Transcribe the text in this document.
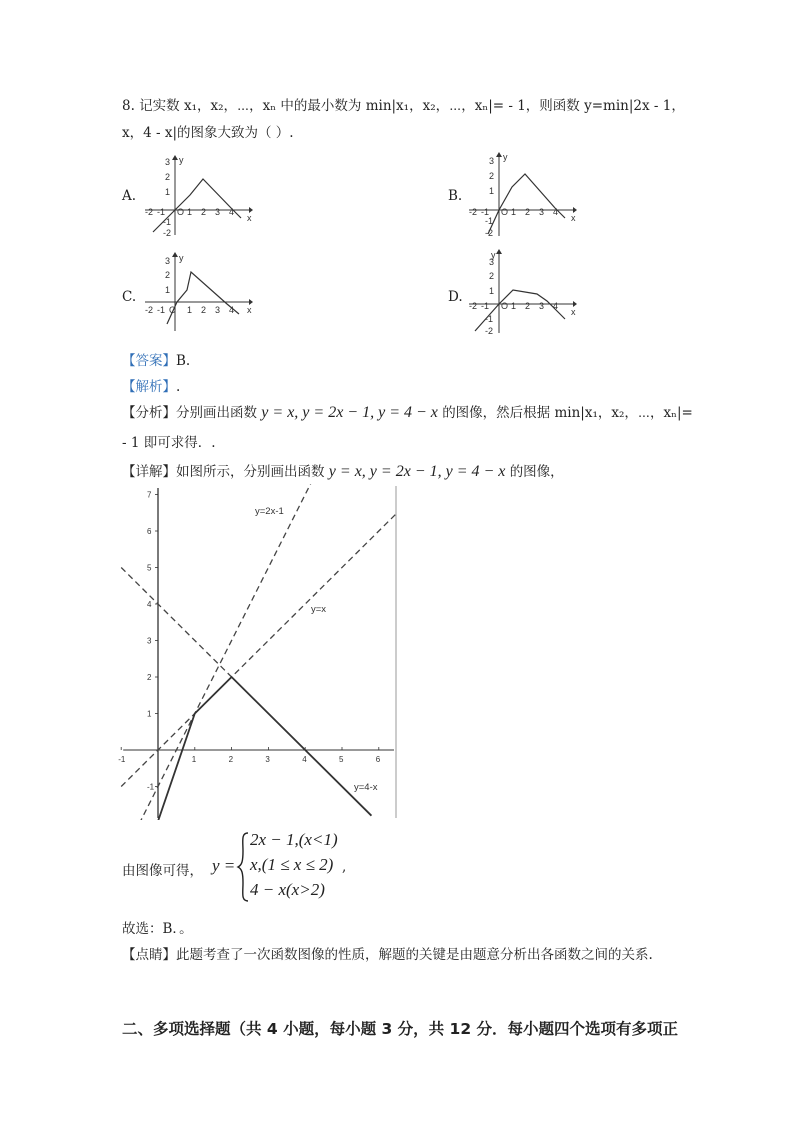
8. 记实数 x₁，x₂，⋯，xₙ 中的最小数为 min|x₁，x₂，⋯，xₙ|= - 1，则函数 y=min|2x - 1，
x，4 - x|的图象大致为（ ）.
A.
y
x
3
2
1
-1
-2
-2 -1 O 1 2 3 4
B.
y
x
3
2
1
-1
-2
-2 -1 O 1 2 3 4
C.
y
x
3
2
1
-2 -1 O 1 2 3 4
D.
y
x
3
2
1
-1
-2
-2 -1 O 1 2 3 4
【答案】B.
【解析】.
【分析】分别画出函数 y = x, y = 2x − 1, y = 4 − x 的图像，然后根据 min|x₁，x₂，⋯，xₙ|=
- 1 即可求得．.
【详解】如图所示，分别画出函数 y = x, y = 2x − 1, y = 4 − x 的图像，
-1	1	2	3	4	5	6
7
6
5
4
3
2
1
-1
y=2x-1
y=x
y=4-x
由图像可得， y =
2x − 1,(x<1)
x,(1 ≤ x ≤ 2)
4 − x(x>2)
,
故选：B．。
【点睛】此题考查了一次函数图像的性质，解题的关键是由题意分析出各函数之间的关系.
二、多项选择题（共 4 小题，每小题 3 分，共 12 分．每小题四个选项有多项正
